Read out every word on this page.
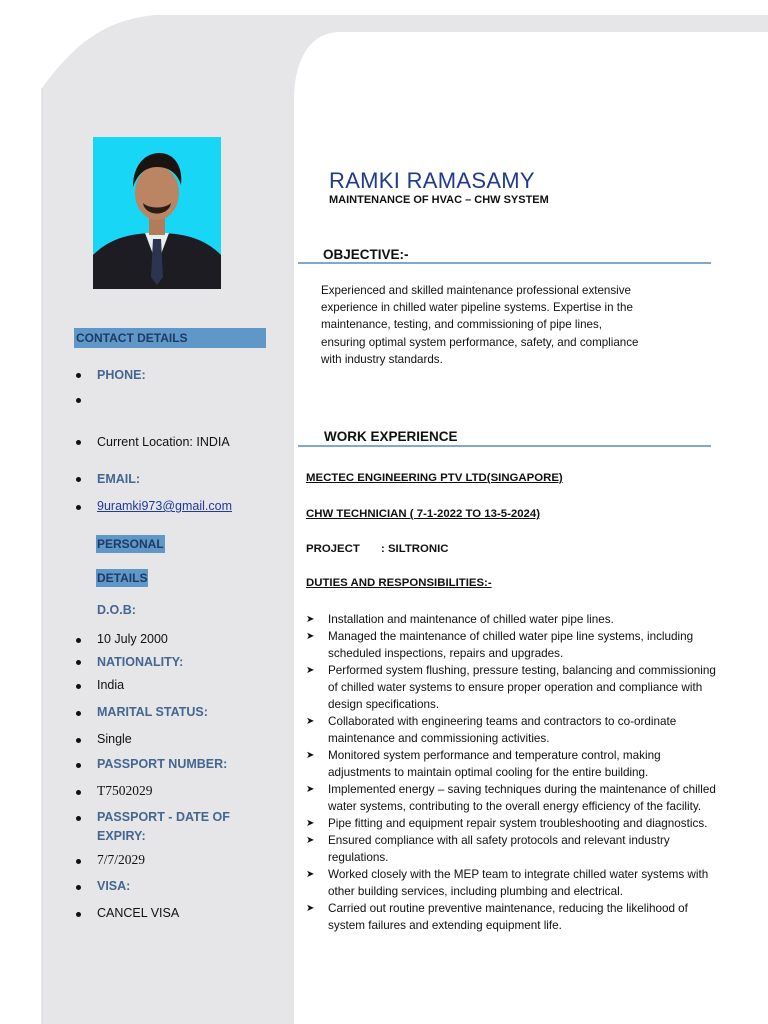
CONTACT DETAILS
PHONE:
Current Location: INDIA
EMAIL:
9uramki973@gmail.com
PERSONAL
DETAILS
D.O.B:
10 July 2000
NATIONALITY:
India
MARITAL STATUS:
Single
PASSPORT NUMBER:
T7502029
PASSPORT - DATE OF
EXPIRY:
7/7/2029
VISA:
CANCEL VISA
RAMKI RAMASAMY
MAINTENANCE OF HVAC – CHW SYSTEM
OBJECTIVE:-
Experienced and skilled maintenance professional extensive experience in chilled water pipeline systems. Expertise in the maintenance, testing, and commissioning of pipe lines, ensuring optimal system performance, safety, and compliance with industry standards.
WORK EXPERIENCE
MECTEC ENGINEERING PTV LTD(SINGAPORE)
CHW TECHNICIAN ( 7-1-2022 TO 13-5-2024)
PROJECT : SILTRONIC
DUTIES AND RESPONSIBILITIES:-
➤ Installation and maintenance of chilled water pipe lines.
➤ Managed the maintenance of chilled water pipe line systems, including scheduled inspections, repairs and upgrades.
➤ Performed system flushing, pressure testing, balancing and commissioning of chilled water systems to ensure proper operation and compliance with design specifications.
➤ Collaborated with engineering teams and contractors to co-ordinate maintenance and commissioning activities.
➤ Monitored system performance and temperature control, making adjustments to maintain optimal cooling for the entire building.
➤ Implemented energy – saving techniques during the maintenance of chilled water systems, contributing to the overall energy efficiency of the facility.
➤ Pipe fitting and equipment repair system troubleshooting and diagnostics.
➤ Ensured compliance with all safety protocols and relevant industry regulations.
➤ Worked closely with the MEP team to integrate chilled water systems with other building services, including plumbing and electrical.
➤ Carried out routine preventive maintenance, reducing the likelihood of system failures and extending equipment life.
